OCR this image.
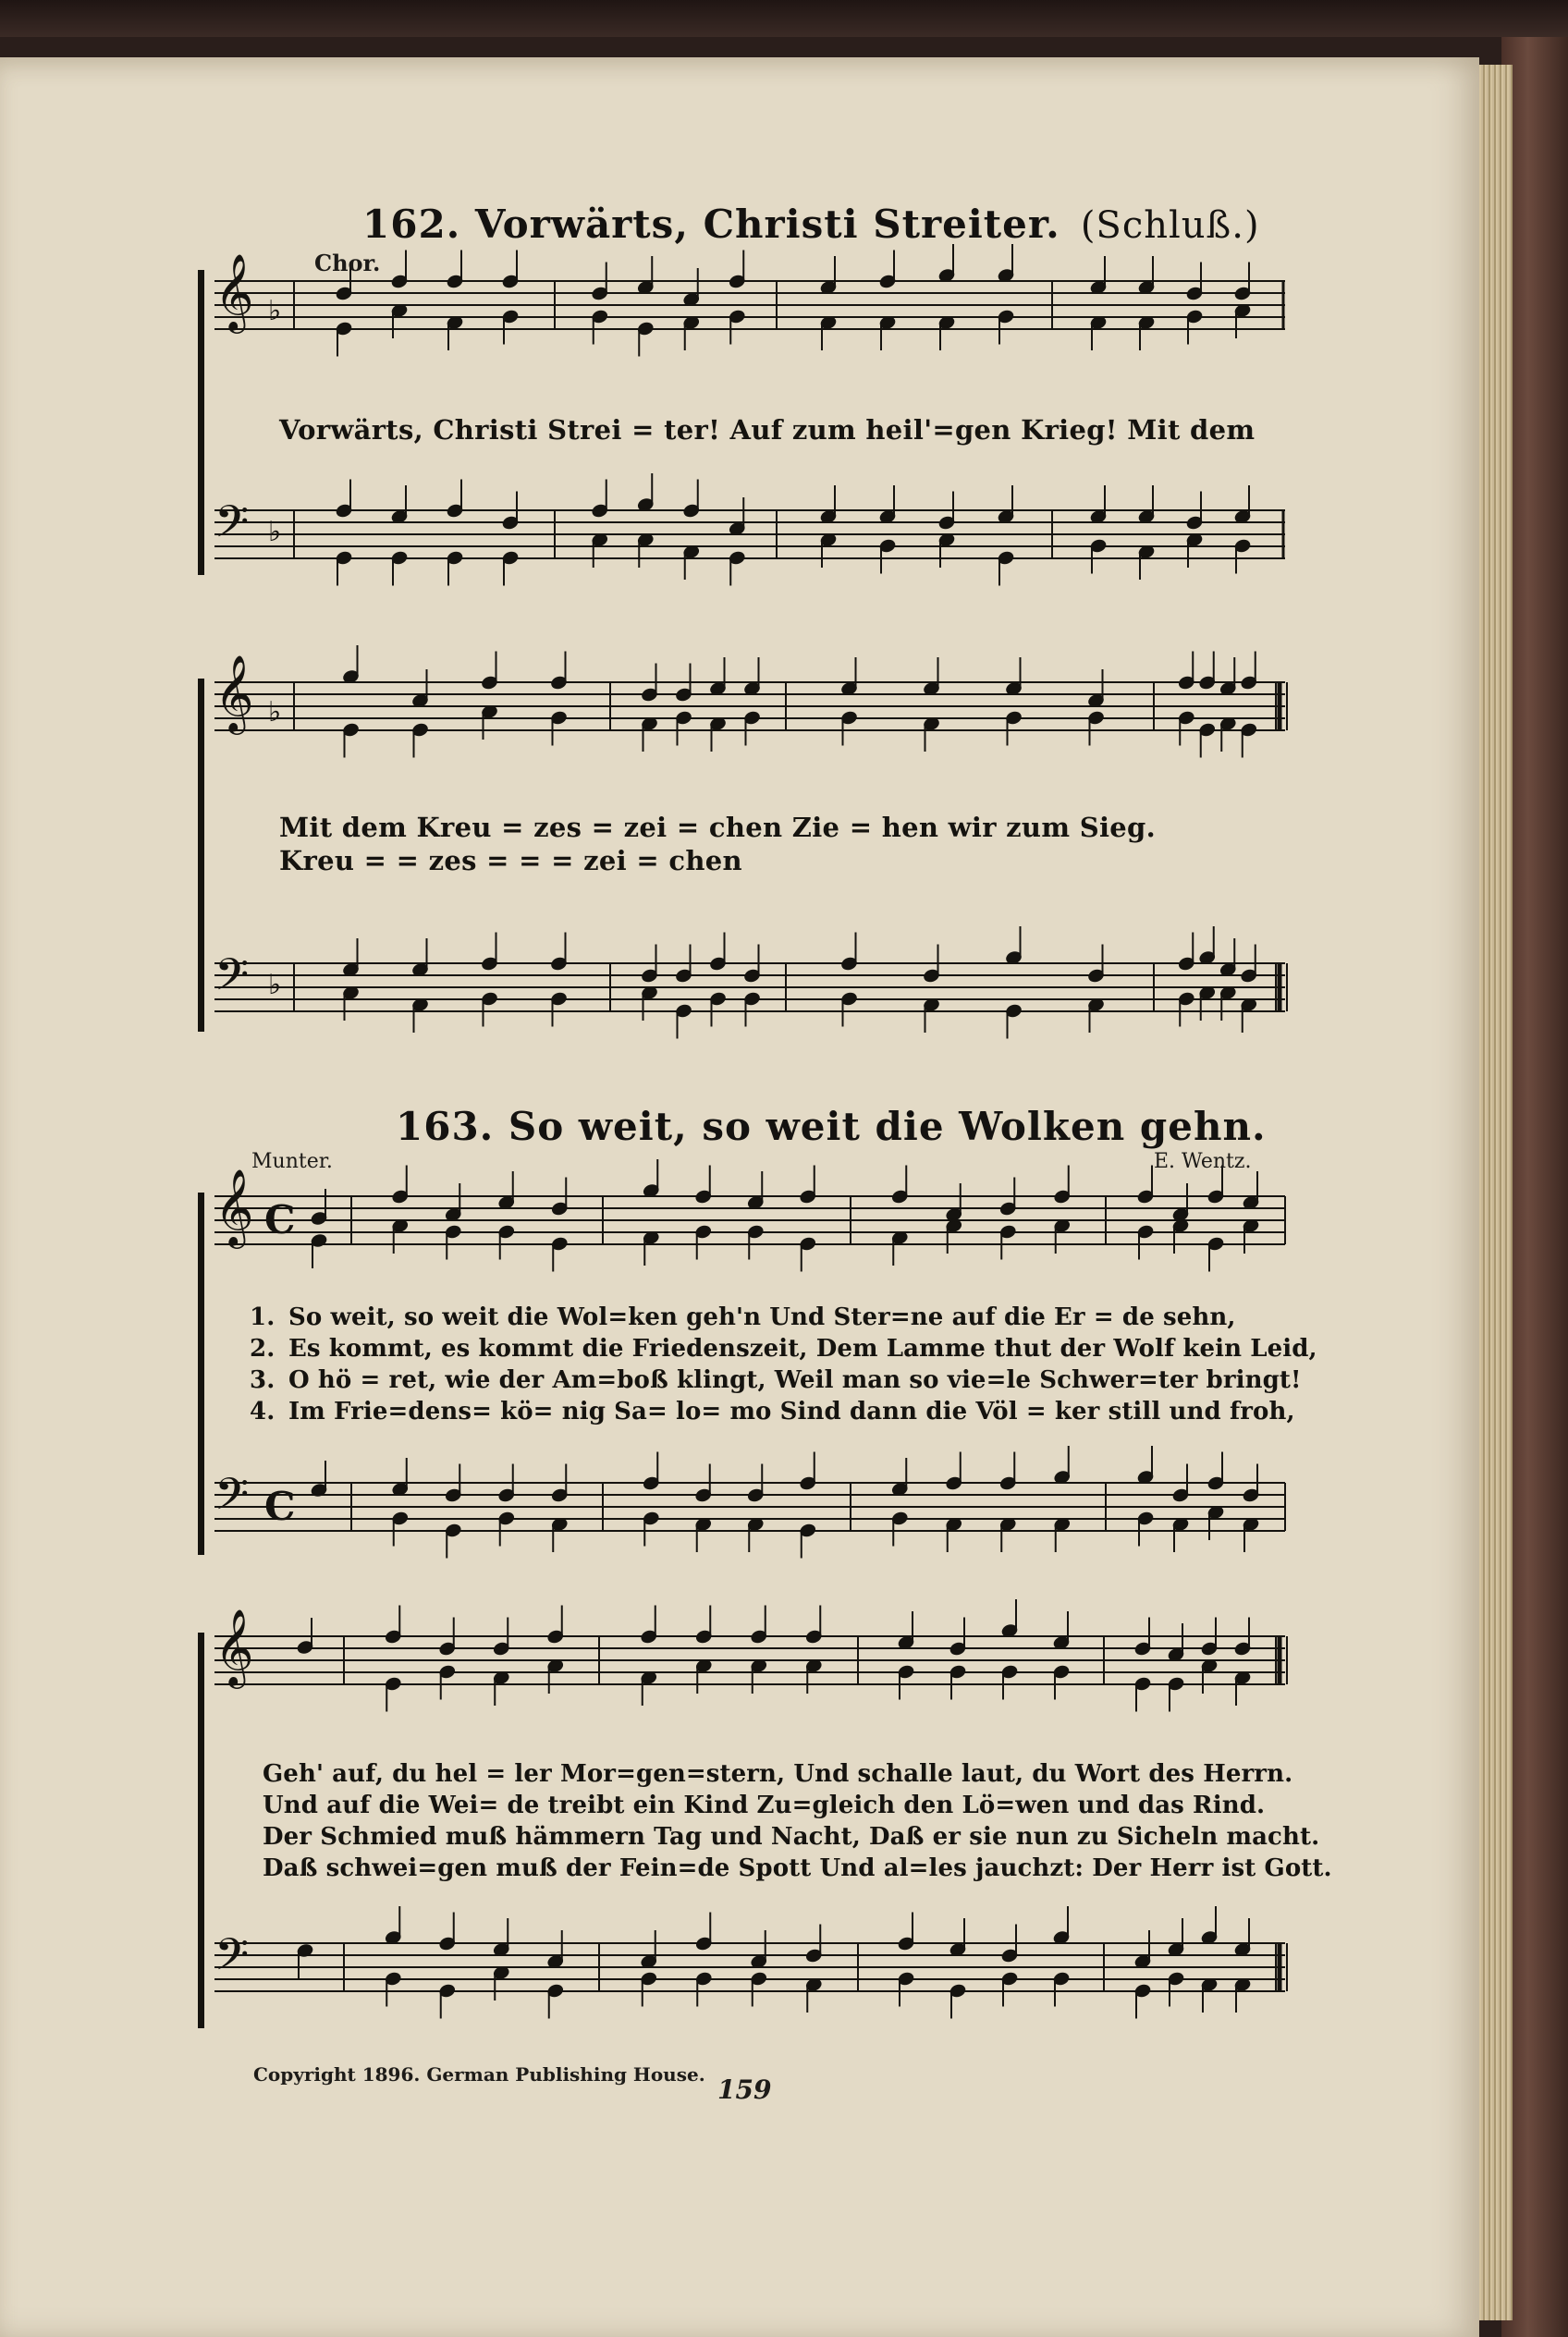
𝄞 ♭
𝄢 ♭
𝄞 ♭
𝄢 ♭
𝄞 C
𝄢 C
𝄞
𝄢
162. Vorwärts, Christi Streiter. (Schluß.)
Chor.
Vorwärts, Christi Strei = ter! Auf zum heil'=gen Krieg! Mit dem
Mit dem Kreu = zes = zei = chen Zie = hen wir zum Sieg.
Kreu = = zes = = = zei = chen
163. So weit, so weit die Wolken gehn.
Munter.	E. Wentz.
1. So weit, so weit die Wol=ken geh'n Und Ster=ne auf die Er = de sehn,
2. Es kommt, es kommt die Friedenszeit, Dem Lamme thut der Wolf kein Leid,
3. O hö = ret, wie der Am=boß klingt, Weil man so vie=le Schwer=ter bringt!
4. Im Frie=dens= kö= nig Sa= lo= mo Sind dann die Völ = ker still und froh,
Geh' auf, du hel = ler Mor=gen=stern, Und schalle laut, du Wort des Herrn.
Und auf die Wei= de treibt ein Kind Zu=gleich den Lö=wen und das Rind.
Der Schmied muß hämmern Tag und Nacht, Daß er sie nun zu Sicheln macht.
Daß schwei=gen muß der Fein=de Spott Und al=les jauchzt: Der Herr ist Gott.
Copyright 1896. German Publishing House. 159
